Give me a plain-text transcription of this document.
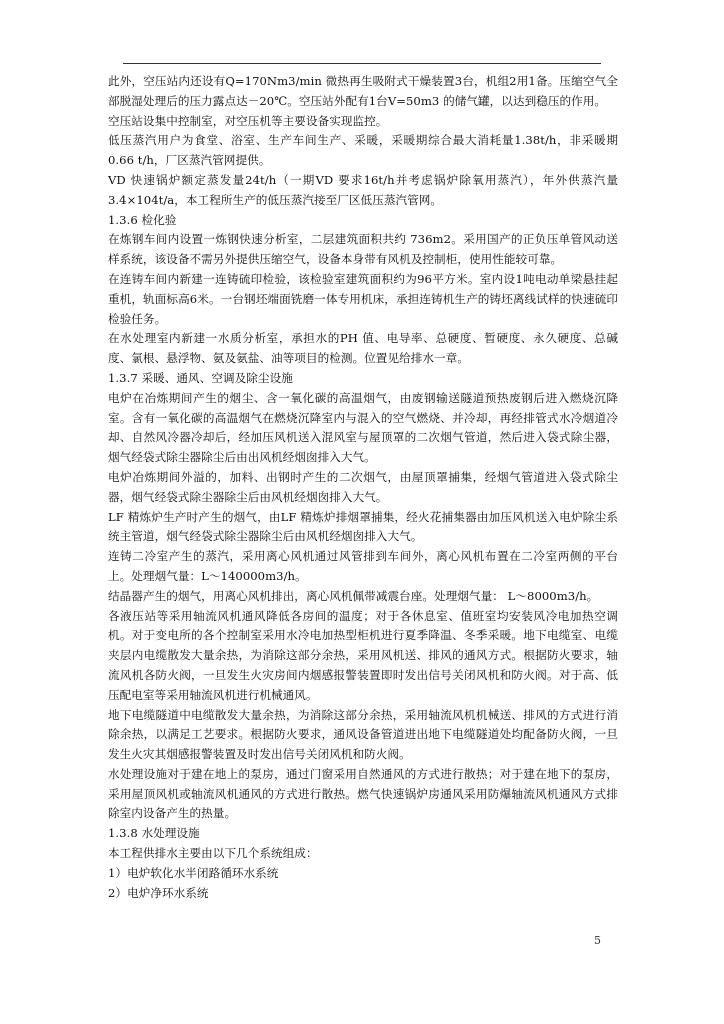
此外，空压站内还设有Q=170Nm3/min 微热再生吸附式干燥装置3台，机组2用1备。压缩空气全部脱湿处理后的压力露点达－20℃。空压站外配有1台V=50m3 的储气罐，以达到稳压的作用。

空压站设集中控制室，对空压机等主要设备实现监控。

低压蒸汽用户为食堂、浴室、生产车间生产、采暖，采暖期综合最大消耗量1.38t/h，非采暖期0.66 t/h，厂区蒸汽管网提供。

VD 快速锅炉额定蒸发量24t/h（一期VD 要求16t/h并考虑锅炉除氧用蒸汽），年外供蒸汽量3.4×104t/a，本工程所生产的低压蒸汽接至厂区低压蒸汽管网。

1.3.6 检化验

在炼钢车间内设置一炼钢快速分析室，二层建筑面积共约 736m2。采用国产的正负压单管风动送样系统，该设备不需另外提供压缩空气，设备本身带有风机及控制柜，使用性能较可靠。

在连铸车间内新建一连铸硫印检验，该检验室建筑面积约为96平方米。室内设1吨电动单梁悬挂起重机，轨面标高6米。一台钢坯端面铣磨一体专用机床，承担连铸机生产的铸坯离线试样的快速硫印检验任务。

在水处理室内新建一水质分析室，承担水的PH 值、电导率、总硬度、暂硬度、永久硬度、总碱度、氯根、悬浮物、氨及氨盐、油等项目的检测。位置见给排水一章。

1.3.7 采暖、通风、空调及除尘设施

电炉在冶炼期间产生的烟尘、含一氧化碳的高温烟气，由废钢输送隧道预热废钢后进入燃烧沉降室。含有一氧化碳的高温烟气在燃烧沉降室内与混入的空气燃烧、并冷却，再经排管式水冷烟道冷却、自然风冷器冷却后，经加压风机送入混风室与屋顶罩的二次烟气管道，然后进入袋式除尘器，烟气经袋式除尘器除尘后由出风机经烟囱排入大气。

电炉冶炼期间外溢的，加料、出钢时产生的二次烟气，由屋顶罩捕集，经烟气管道进入袋式除尘器，烟气经袋式除尘器除尘后由风机经烟囱排入大气。

LF 精炼炉生产时产生的烟气，由LF 精炼炉排烟罩捕集，经火花捕集器由加压风机送入电炉除尘系统主管道，烟气经袋式除尘器除尘后由风机经烟囱排入大气。

连铸二冷室产生的蒸汽，采用离心风机通过风管排到车间外，离心风机布置在二冷室两侧的平台上。处理烟气量：L～140000m3/h。

结晶器产生的烟气，用离心风机排出，离心风机佩带减震台座。处理烟气量： L～8000m3/h。

各液压站等采用轴流风机通风降低各房间的温度；对于各休息室、值班室均安装风冷电加热空调机。对于变电所的各个控制室采用水冷电加热型柜机进行夏季降温、冬季采暖。地下电缆室、电缆夹层内电缆散发大量余热，为消除这部分余热，采用风机送、排风的通风方式。根据防火要求，轴流风机各防火阀，一旦发生火灾房间内烟感报警装置即时发出信号关闭风机和防火阀。对于高、低压配电室等采用轴流风机进行机械通风。

地下电缆隧道中电缆散发大量余热，为消除这部分余热，采用轴流风机机械送、排风的方式进行消除余热，以满足工艺要求。根据防火要求，通风设备管道进出地下电缆隧道处均配备防火阀，一旦发生火灾其烟感报警装置及时发出信号关闭风机和防火阀。

水处理设施对于建在地上的泵房，通过门窗采用自然通风的方式进行散热；对于建在地下的泵房，采用屋顶风机或轴流风机通风的方式进行散热。燃气快速锅炉房通风采用防爆轴流风机通风方式排除室内设备产生的热量。

1.3.8 水处理设施

本工程供排水主要由以下几个系统组成：

1）电炉软化水半闭路循环水系统

2）电炉净环水系统

5
